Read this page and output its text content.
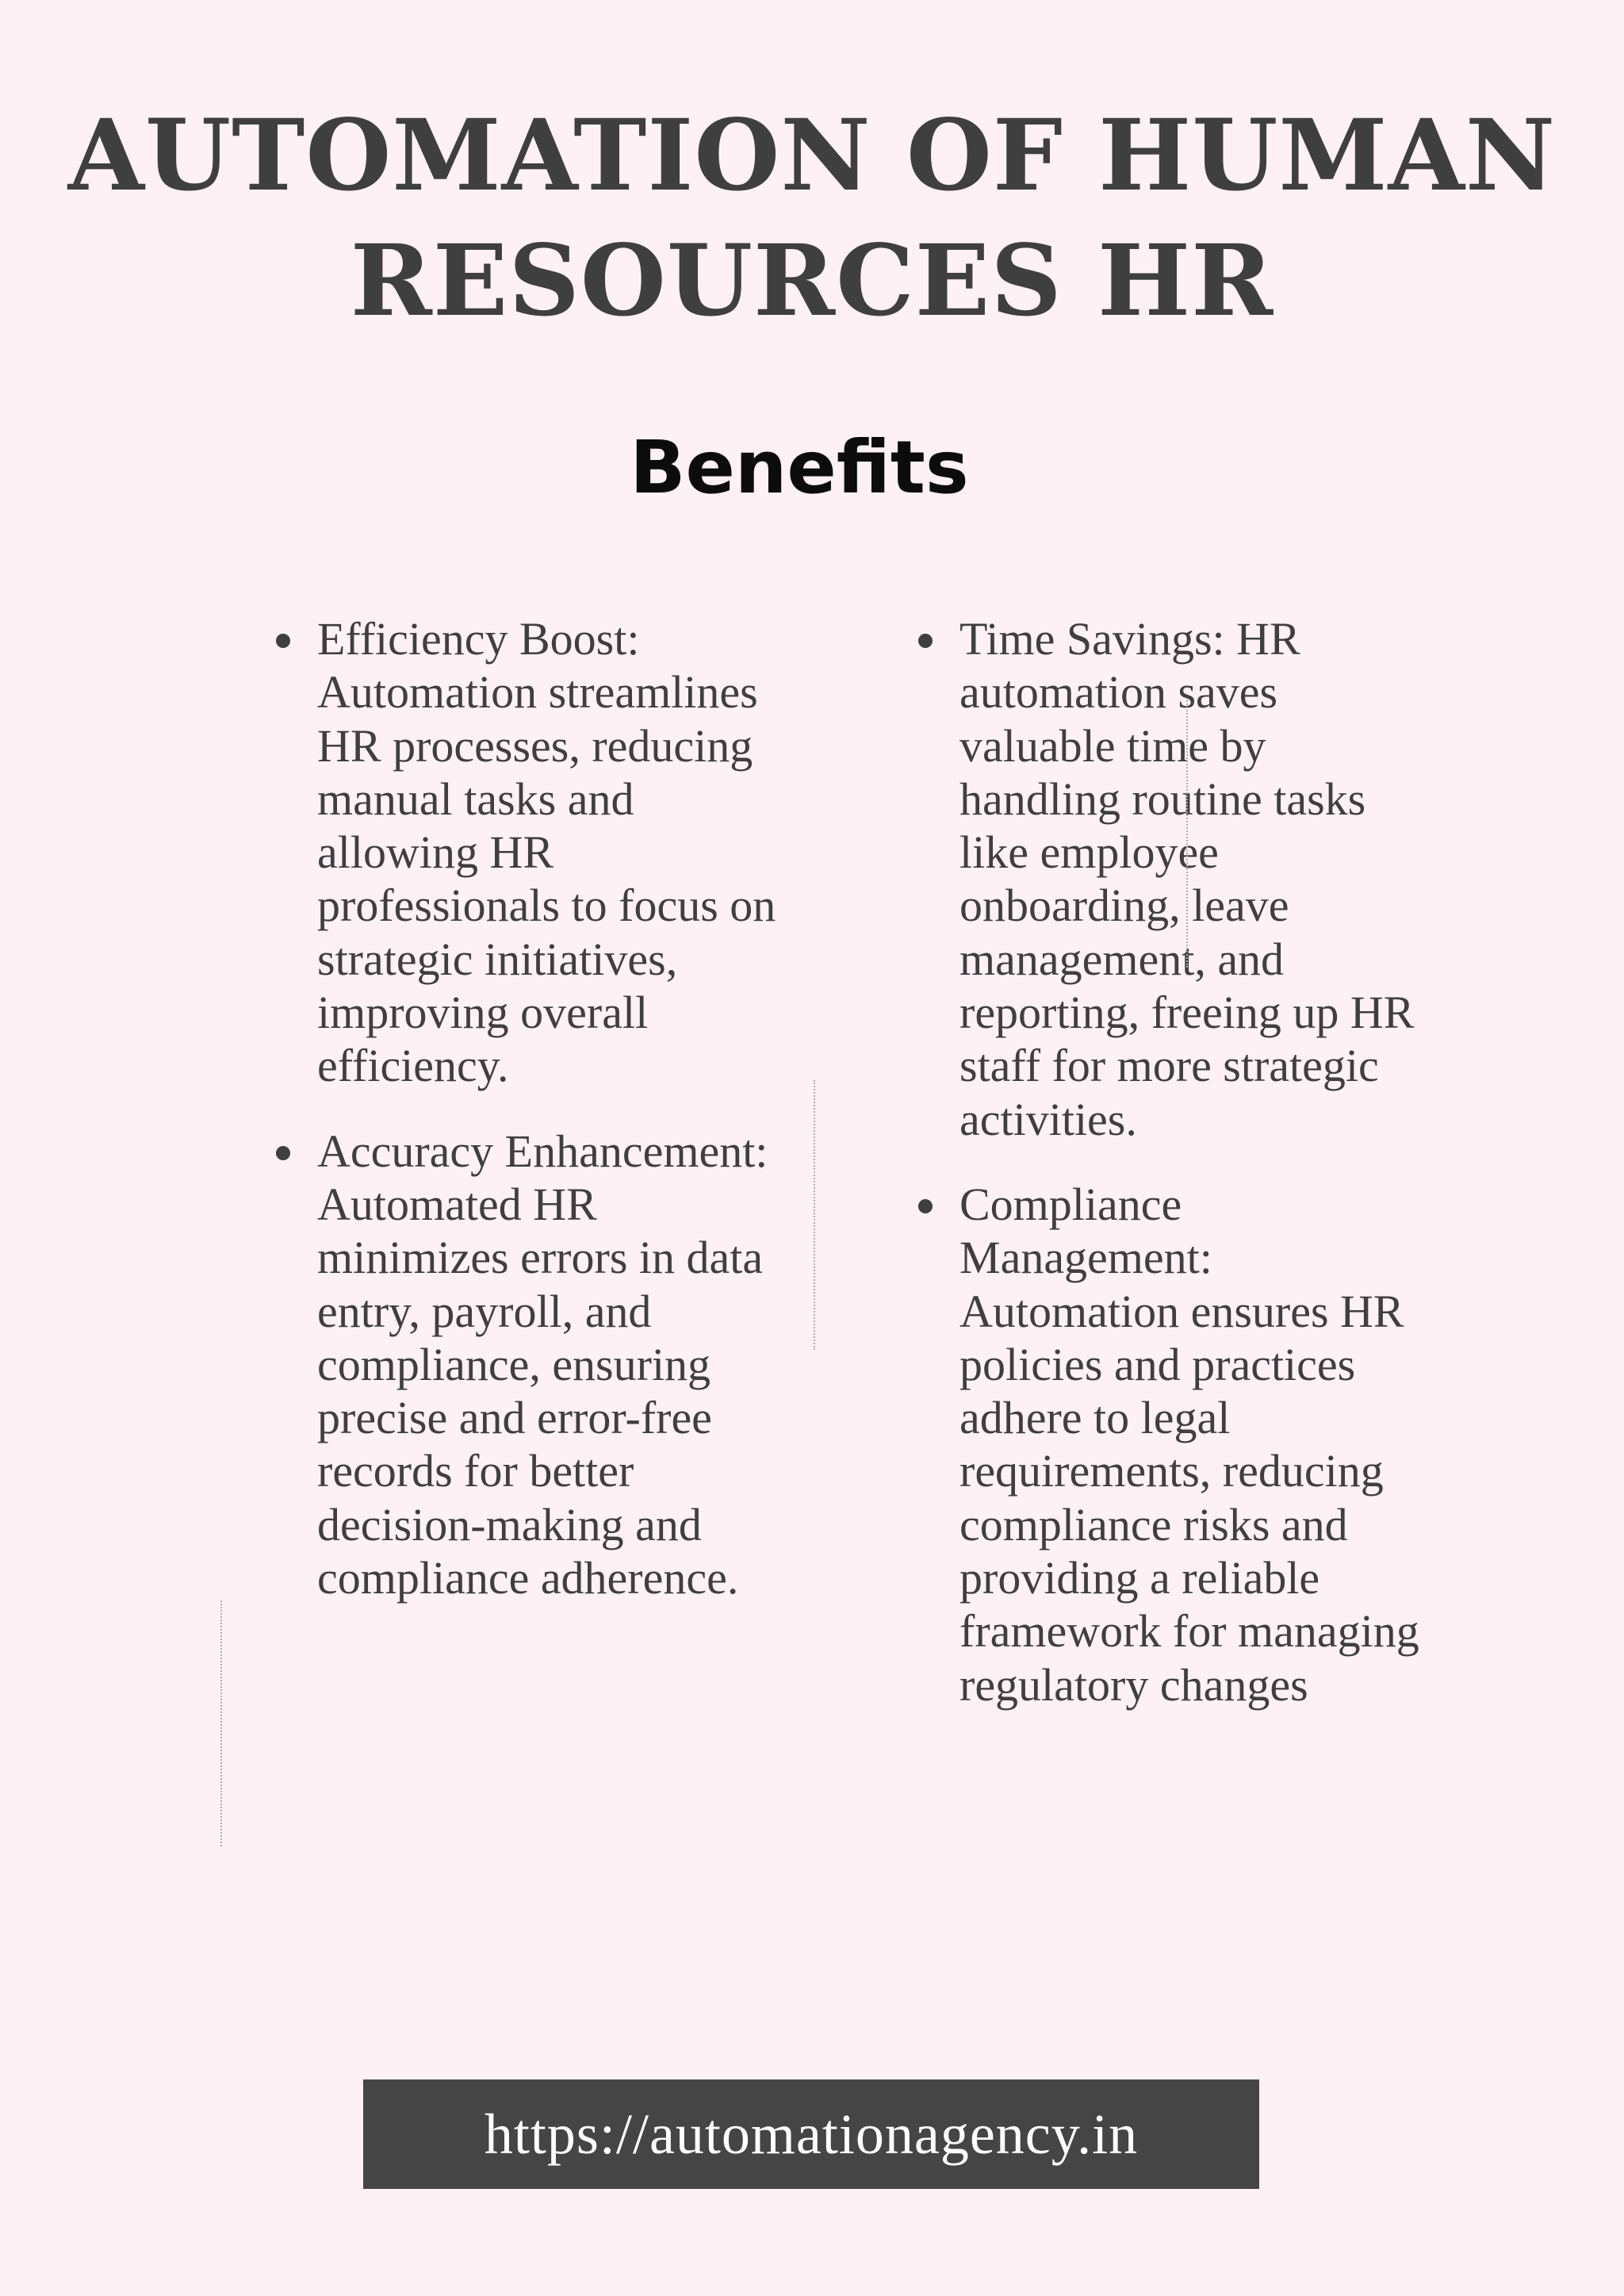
AUTOMATION OF HUMAN RESOURCES HR
Benefits
Efficiency Boost: Automation streamlines HR processes, reducing manual tasks and allowing HR professionals to focus on strategic initiatives, improving overall efficiency.
Accuracy Enhancement: Automated HR minimizes errors in data entry, payroll, and compliance, ensuring precise and error-free records for better decision-making and compliance adherence.
Time Savings: HR automation saves valuable time by handling routine tasks like employee onboarding, leave management, and reporting, freeing up HR staff for more strategic activities.
Compliance Management: Automation ensures HR policies and practices adhere to legal requirements, reducing compliance risks and providing a reliable framework for managing regulatory changes
https://automationagency.in
